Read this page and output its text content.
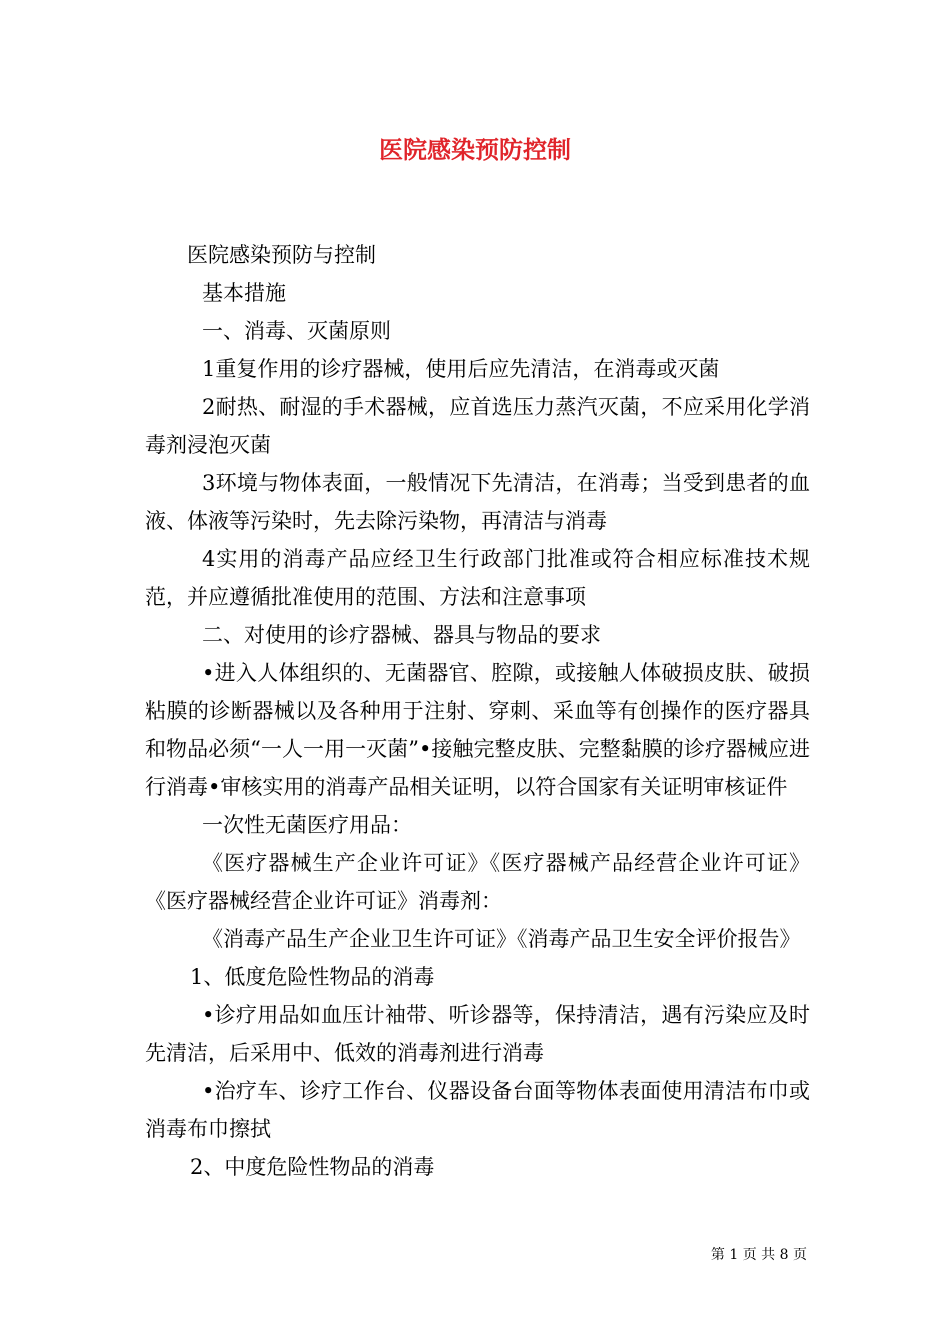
医院感染预防控制

医院感染预防与控制

基本措施

一、消毒、灭菌原则

1重复作用的诊疗器械，使用后应先清洁，在消毒或灭菌

2耐热、耐湿的手术器械，应首选压力蒸汽灭菌，不应采用化学消毒剂浸泡灭菌

3环境与物体表面，一般情况下先清洁，在消毒；当受到患者的血液、体液等污染时，先去除污染物，再清洁与消毒

4实用的消毒产品应经卫生行政部门批准或符合相应标准技术规范，并应遵循批准使用的范围、方法和注意事项

二、对使用的诊疗器械、器具与物品的要求

•进入人体组织的、无菌器官、腔隙，或接触人体破损皮肤、破损粘膜的诊断器械以及各种用于注射、穿刺、采血等有创操作的医疗器具和物品必须“一人一用一灭菌”•接触完整皮肤、完整黏膜的诊疗器械应进行消毒•审核实用的消毒产品相关证明，以符合国家有关证明审核证件

一次性无菌医疗用品：

《医疗器械生产企业许可证》《医疗器械产品经营企业许可证》《医疗器械经营企业许可证》消毒剂：

《消毒产品生产企业卫生许可证》《消毒产品卫生安全评价报告》

1、低度危险性物品的消毒

•诊疗用品如血压计袖带、听诊器等，保持清洁，遇有污染应及时先清洁，后采用中、低效的消毒剂进行消毒

•治疗车、诊疗工作台、仪器设备台面等物体表面使用清洁布巾或消毒布巾擦拭

2、中度危险性物品的消毒

第 1 页 共 8 页
